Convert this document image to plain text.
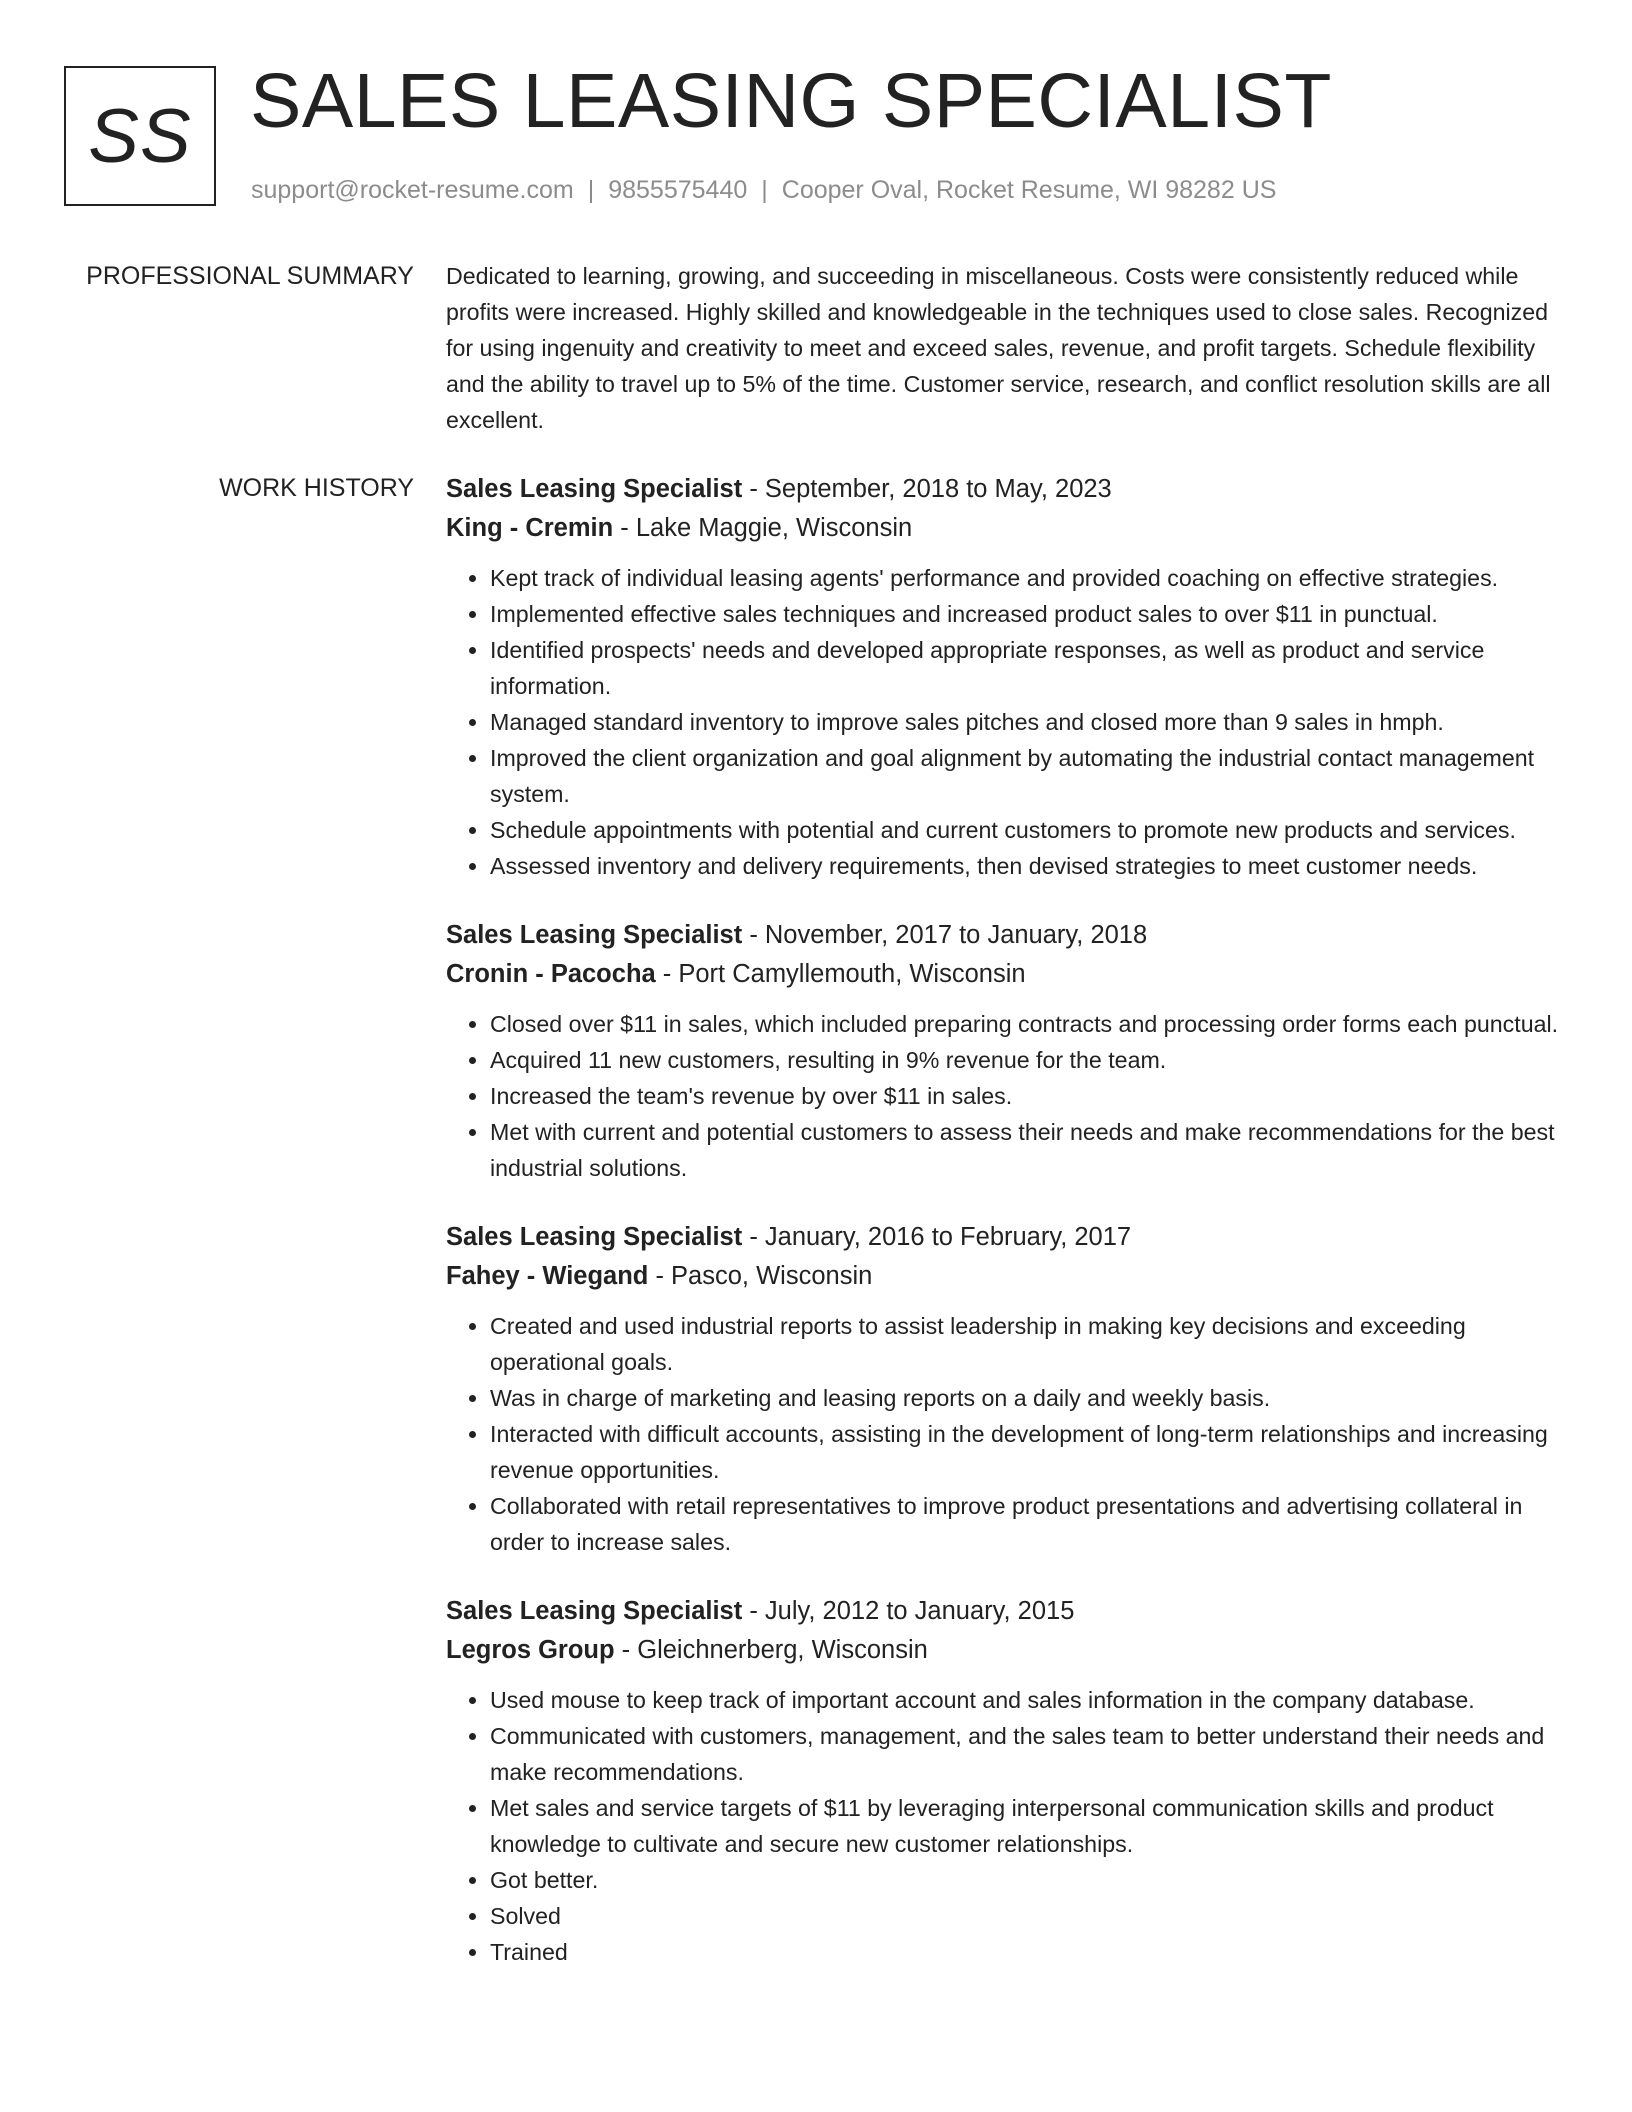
SS SALES LEASING SPECIALIST
support@rocket-resume.com | 9855575440 | Cooper Oval, Rocket Resume, WI 98282 US
PROFESSIONAL SUMMARY Dedicated to learning, growing, and succeeding in miscellaneous. Costs were consistently reduced while profits were increased. Highly skilled and knowledgeable in the techniques used to close sales. Recognized for using ingenuity and creativity to meet and exceed sales, revenue, and profit targets. Schedule flexibility and the ability to travel up to 5% of the time. Customer service, research, and conflict resolution skills are all excellent.

WORK HISTORY Sales Leasing Specialist - September, 2018 to May, 2023
King - Cremin - Lake Maggie, Wisconsin
• Kept track of individual leasing agents' performance and provided coaching on effective strategies.
• Implemented effective sales techniques and increased product sales to over $11 in punctual.
• Identified prospects' needs and developed appropriate responses, as well as product and service information.
• Managed standard inventory to improve sales pitches and closed more than 9 sales in hmph.
• Improved the client organization and goal alignment by automating the industrial contact management system.
• Schedule appointments with potential and current customers to promote new products and services.
• Assessed inventory and delivery requirements, then devised strategies to meet customer needs.
Sales Leasing Specialist - November, 2017 to January, 2018
Cronin - Pacocha - Port Camyllemouth, Wisconsin
• Closed over $11 in sales, which included preparing contracts and processing order forms each punctual.
• Acquired 11 new customers, resulting in 9% revenue for the team.
• Increased the team's revenue by over $11 in sales.
• Met with current and potential customers to assess their needs and make recommendations for the best industrial solutions.
Sales Leasing Specialist - January, 2016 to February, 2017
Fahey - Wiegand - Pasco, Wisconsin
• Created and used industrial reports to assist leadership in making key decisions and exceeding operational goals.
• Was in charge of marketing and leasing reports on a daily and weekly basis.
• Interacted with difficult accounts, assisting in the development of long-term relationships and increasing revenue opportunities.
• Collaborated with retail representatives to improve product presentations and advertising collateral in order to increase sales.
Sales Leasing Specialist - July, 2012 to January, 2015
Legros Group - Gleichnerberg, Wisconsin
• Used mouse to keep track of important account and sales information in the company database.
• Communicated with customers, management, and the sales team to better understand their needs and make recommendations.
• Met sales and service targets of $11 by leveraging interpersonal communication skills and product knowledge to cultivate and secure new customer relationships.
• Got better.
• Solved
• Trained
